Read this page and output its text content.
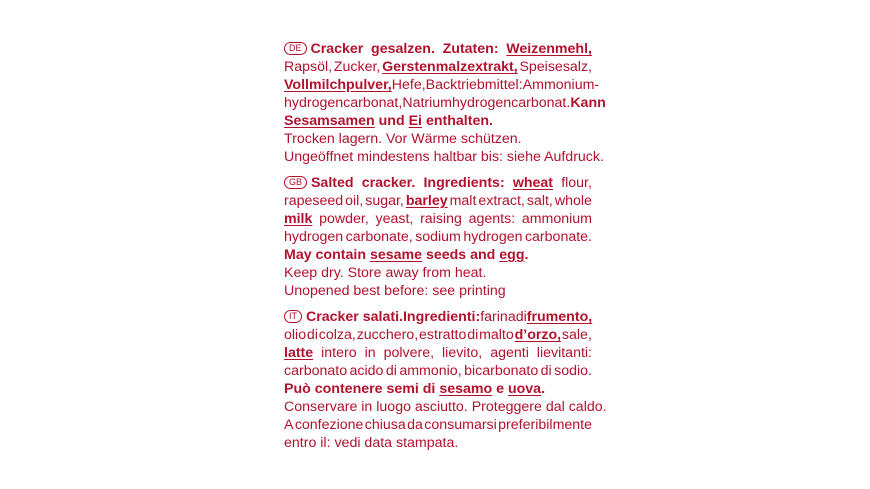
DE Cracker gesalzen. Zutaten: Weizenmehl,
Rapsöl, Zucker, Gerstenmalzextrakt, Speisesalz,
Vollmilchpulver, Hefe, Backtriebmittel: Ammonium-
hydrogencarbonat, Natriumhydrogencarbonat. Kann
Sesamsamen und Ei enthalten.
Trocken lagern. Vor Wärme schützen.
Ungeöffnet mindestens haltbar bis: siehe Aufdruck.
GB Salted cracker. Ingredients: wheat flour,
rapeseed oil, sugar, barley malt extract, salt, whole
milk powder, yeast, raising agents: ammonium
hydrogen carbonate, sodium hydrogen carbonate.
May contain sesame seeds and egg.
Keep dry. Store away from heat.
Unopened best before: see printing
IT Cracker salati. Ingredienti: farina di frumento,
olio di colza, zucchero, estratto di malto d’orzo, sale,
latte intero in polvere, lievito, agenti lievitanti:
carbonato acido di ammonio, bicarbonato di sodio.
Può contenere semi di sesamo e uova.
Conservare in luogo asciutto. Proteggere dal caldo.
A confezione chiusa da consumarsi preferibilmente
entro il: vedi data stampata.
